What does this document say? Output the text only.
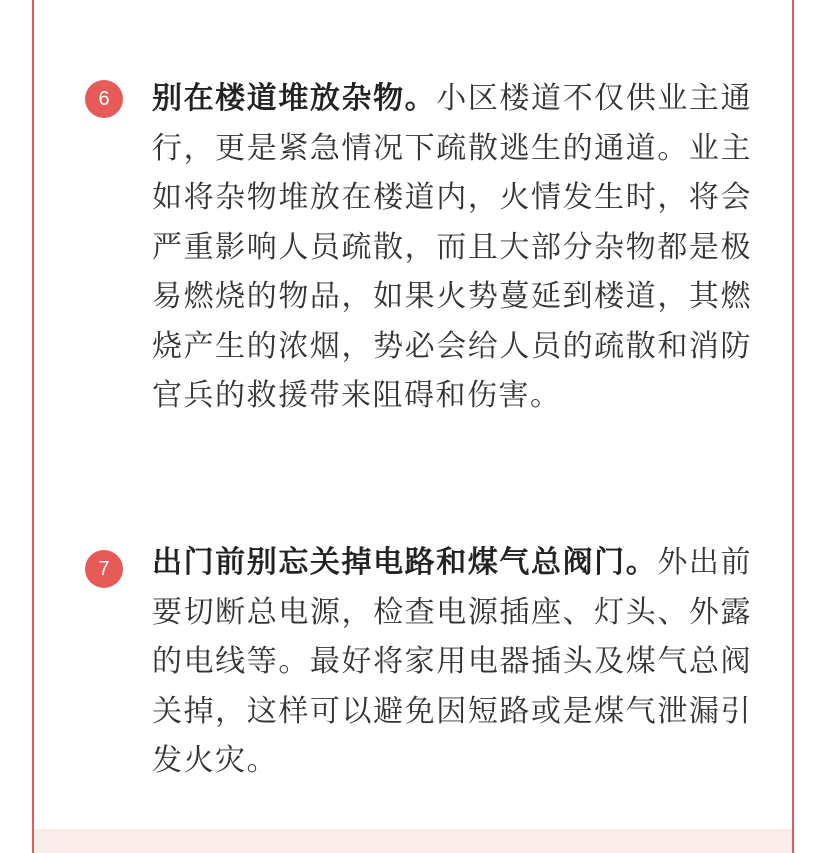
6	别在楼道堆放杂物。小区楼道不仅供业主通行，更是紧急情况下疏散逃生的通道。业主如将杂物堆放在楼道内，火情发生时，将会严重影响人员疏散，而且大部分杂物都是极易燃烧的物品，如果火势蔓延到楼道，其燃烧产生的浓烟，势必会给人员的疏散和消防官兵的救援带来阻碍和伤害。

7	出门前别忘关掉电路和煤气总阀门。外出前要切断总电源，检查电源插座、灯头、外露的电线等。最好将家用电器插头及煤气总阀关掉，这样可以避免因短路或是煤气泄漏引发火灾。
